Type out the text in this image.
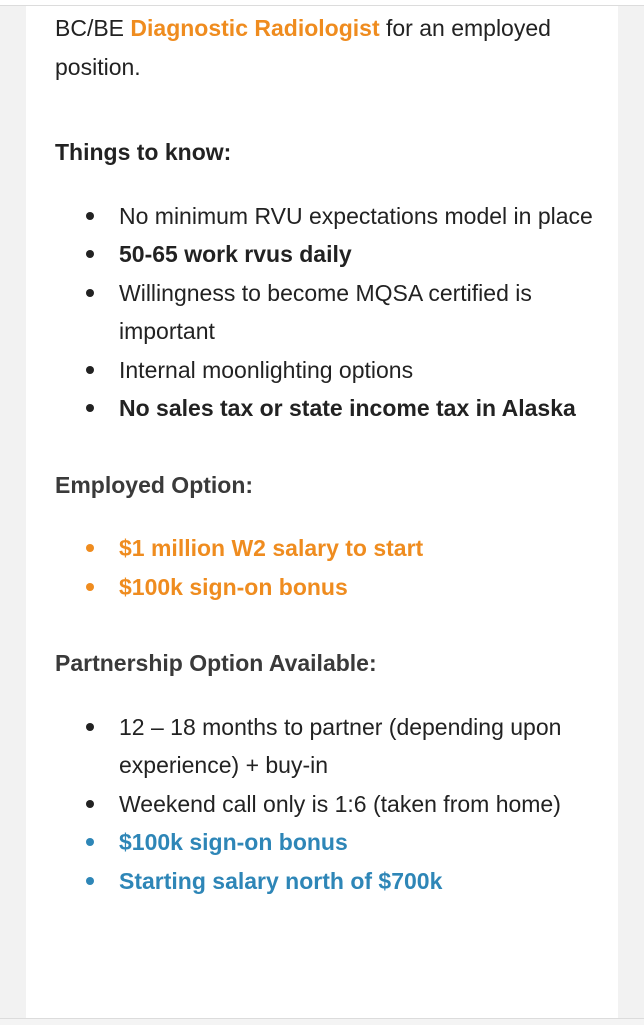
BC/BE Diagnostic Radiologist for an employed position.

Things to know:
No minimum RVU expectations model in place
50-65 work rvus daily
Willingness to become MQSA certified is important
Internal moonlighting options
No sales tax or state income tax in Alaska
Employed Option:
$1 million W2 salary to start
$100k sign-on bonus
Partnership Option Available:
12 – 18 months to partner (depending upon experience) + buy-in
Weekend call only is 1:6 (taken from home)
$100k sign-on bonus
Starting salary north of $700k
